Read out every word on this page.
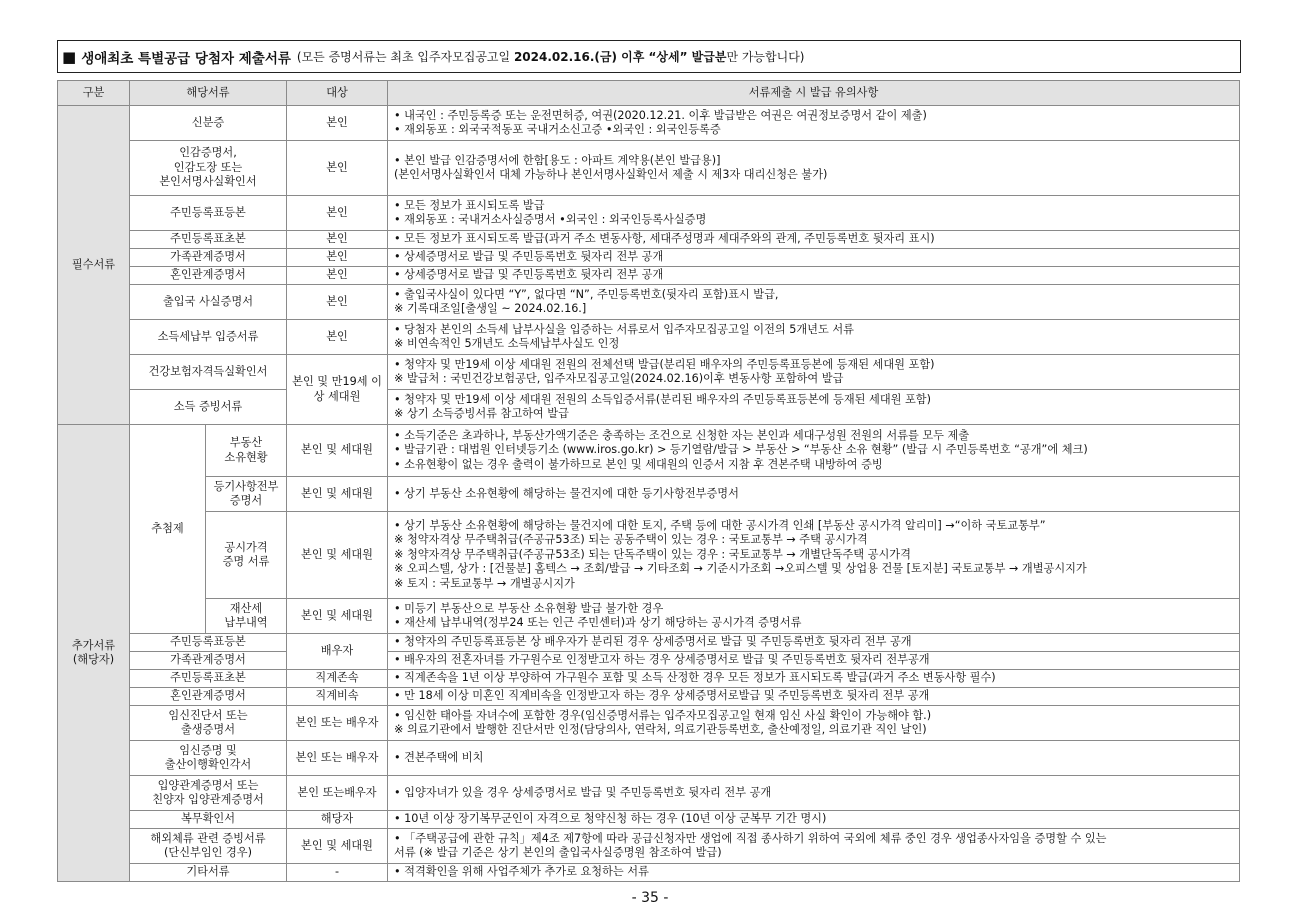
■ 생애최초 특별공급 당첨자 제출서류 (모든 증명서류는 최초 입주자모집공고일
2024.02.16.(금) 이후 “상세” 발급분 만 가능합니다)
구분	해당서류		대상	서류제출 시 발급 유의사항
필수서류	신분증		본인	• 내국인 : 주민등록증 또는 운전면허증, 여권(2020.12.21. 이후 발급받은 여권은 여권정보증명서 같이 제출)
• 재외동포 : 외국국적동포 국내거소신고증 •외국인 : 외국인등록증

	인감증명서,
인감도장 또는
본인서명사실확인서		본인	• 본인 발급 인감증명서에 한함[용도 : 아파트 계약용(본인 발급용)]
(본인서명사실확인서 대체 가능하나 본인서명사실확인서 제출 시 제3자 대리신청은 불가)

	주민등록표등본		본인	• 모든 정보가 표시되도록 발급
• 재외동포 : 국내거소사실증명서 •외국인 : 외국인등록사실증명

	주민등록표초본		본인	• 모든 정보가 표시되도록 발급(과거 주소 변동사항, 세대주성명과 세대주와의 관계, 주민등록번호 뒷자리 표시)

	가족관계증명서		본인	• 상세증명서로 발급 및 주민등록번호 뒷자리 전부 공개

	혼인관계증명서		본인	• 상세증명서로 발급 및 주민등록번호 뒷자리 전부 공개

	출입국 사실증명서		본인	• 출입국사실이 있다면 “Y”, 없다면 “N”, 주민등록번호(뒷자리 포함)표시 발급,
※ 기록대조일[출생일 ~ 2024.02.16.]

	소득세납부 입증서류		본인	• 당첨자 본인의 소득세 납부사실을 입증하는 서류로서 입주자모집공고일 이전의 5개년도 서류
※ 비연속적인 5개년도 소득세납부사실도 인정

	건강보험자격득실확인서		본인 및 만19세 이상 세대원	• 청약자 및 만19세 이상 세대원 전원의 전체선택 발급(분리된 배우자의 주민등록표등본에 등재된 세대원 포함)
※ 발급처 : 국민건강보험공단, 입주자모집공고일(2024.02.16)이후 변동사항 포함하여 발급

	소득 증빙서류			• 청약자 및 만19세 이상 세대원 전원의 소득입증서류(분리된 배우자의 주민등록표등본에 등재된 세대원 포함)
※ 상기 소득증빙서류 참고하여 발급

추가서류
(해당자)	추첨제	부동산
소유현황	본인 및 세대원	• 소득기준은 초과하나, 부동산가액기준은 충족하는 조건으로 신청한 자는 본인과 세대구성원 전원의 서류를 모두 제출
• 발급기관 : 대법원 인터넷등기소 (www.iros.go.kr) > 등기열람/발급 > 부동산 > “부동산 소유 현황” (발급 시 주민등록번호 “공개”에 체크)
• 소유현황이 없는 경우 출력이 불가하므로 본인 및 세대원의 인증서 지참 후 견본주택 내방하여 증빙

		등기사항전부
증명서	본인 및 세대원	• 상기 부동산 소유현황에 해당하는 물건지에 대한 등기사항전부증명서

		공시가격
증명 서류	본인 및 세대원	• 상기 부동산 소유현황에 해당하는 물건지에 대한 토지, 주택 등에 대한 공시가격 인쇄 [부동산 공시가격 알리미] →“이하 국토교통부”
※ 청약자격상 무주택취급(주공규53조) 되는 공동주택이 있는 경우 : 국토교통부 → 주택 공시가격
※ 청약자격상 무주택취급(주공규53조) 되는 단독주택이 있는 경우 : 국토교통부 → 개별단독주택 공시가격
※ 오피스텔, 상가 : [건물분] 홈텍스 → 조회/발급 → 기타조회 → 기준시가조회 →오피스텔 및 상업용 건물 [토지분] 국토교통부 → 개별공시지가
※ 토지 : 국토교통부 → 개별공시지가

		재산세
납부내역	본인 및 세대원	• 미등기 부동산으로 부동산 소유현황 발급 불가한 경우
• 재산세 납부내역(정부24 또는 인근 주민센터)과 상기 해당하는 공시가격 증명서류

	주민등록표등본		배우자	• 청약자의 주민등록표등본 상 배우자가 분리된 경우 상세증명서로 발급 및 주민등록번호 뒷자리 전부 공개

	가족관계증명서			• 배우자의 전혼자녀를 가구원수로 인정받고자 하는 경우 상세증명서로 발급 및 주민등록번호 뒷자리 전부공개

	주민등록표초본		직계존속	• 직계존속을 1년 이상 부양하여 가구원수 포함 및 소득 산정한 경우 모든 정보가 표시되도록 발급(과거 주소 변동사항 필수)

	혼인관계증명서		직계비속	• 만 18세 이상 미혼인 직계비속을 인정받고자 하는 경우 상세증명서로발급 및 주민등록번호 뒷자리 전부 공개

	임신진단서 또는
출생증명서		본인 또는 배우자	• 임신한 태아를 자녀수에 포함한 경우(임신증명서류는 입주자모집공고일 현재 임신 사실 확인이 가능해야 함.)
※ 의료기관에서 발행한 진단서만 인정(담당의사, 연락처, 의료기관등록번호, 출산예정일, 의료기관 직인 날인)

	임신증명 및
출산이행확인각서		본인 또는 배우자	• 견본주택에 비치

	입양관계증명서 또는
친양자 입양관계증명서		본인 또는배우자	• 입양자녀가 있을 경우 상세증명서로 발급 및 주민등록번호 뒷자리 전부 공개

	복무확인서		해당자	• 10년 이상 장기복무군인이 자격으로 청약신청 하는 경우 (10년 이상 군복무 기간 명시)

	해외체류 관련 증빙서류
(단신부임인 경우)		본인 및 세대원	• 「주택공급에 관한 규칙」제4조 제7항에 따라 공급신청자만 생업에 직접 종사하기 위하여 국외에 체류 중인 경우 생업종사자임을 증명할 수 있는
서류 (※ 발급 기준은 상기 본인의 출입국사실증명원 참조하여 발급)

	기타서류		-	• 적격확인을 위해 사업주체가 추가로 요청하는 서류
- 35 -
